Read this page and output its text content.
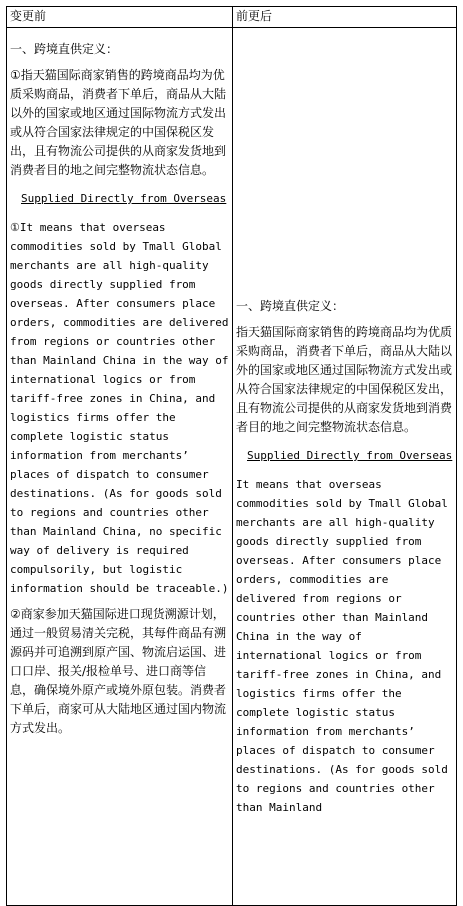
变更前	前更后

一、跨境直供定义：

①指天猫国际商家销售的跨境商品均为优质采购商品，消费者下单后，商品从大陆以外的国家或地区通过国际物流方式发出或从符合国家法律规定的中国保税区发出，且有物流公司提供的从商家发货地到消费者目的地之间完整物流状态信息。

Supplied Directly from Overseas

①It means that overseas commodities sold by Tmall Global merchants are all high-quality goods directly supplied from overseas. After consumers place orders, commodities are delivered from regions or countries other than Mainland China in the way of international logics or from tariff-free zones in China, and logistics firms offer the complete logistic status information from merchants’ places of dispatch to consumer destinations. (As for goods sold to regions and countries other than Mainland China, no specific way of delivery is required compulsorily, but logistic information should be traceable.)

②商家参加天猫国际进口现货溯源计划，通过一般贸易清关完税，其每件商品有溯源码并可追溯到原产国、物流启运国、进口口岸、报关/报检单号、进口商等信息，确保境外原产或境外原包装。消费者下单后，商家可从大陆地区通过国内物流方式发出。

一、跨境直供定义：

指天猫国际商家销售的跨境商品均为优质采购商品，消费者下单后，商品从大陆以外的国家或地区通过国际物流方式发出或从符合国家法律规定的中国保税区发出，且有物流公司提供的从商家发货地到消费者目的地之间完整物流状态信息。

Supplied Directly from Overseas

It means that overseas commodities sold by Tmall Global merchants are all high-quality goods directly supplied from overseas. After consumers place orders, commodities are delivered from regions or countries other than Mainland China in the way of international logics or from tariff-free zones in China, and logistics firms offer the complete logistic status information from merchants’ places of dispatch to consumer destinations. (As for goods sold to regions and countries other than Mainland
